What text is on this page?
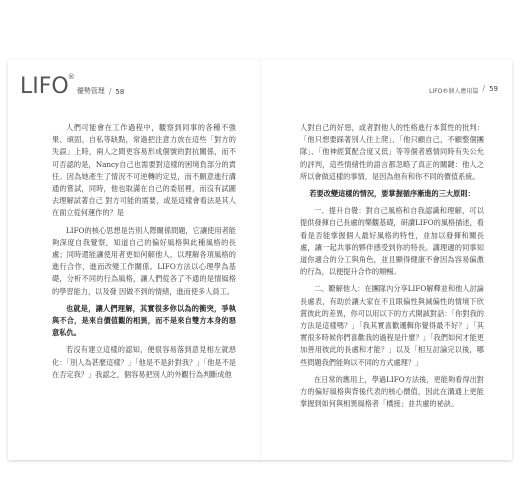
LIFO ®
優勢管理 / 58	LIFO®個人應用篇 / 59

人們可能會在工作過程中，觀察到同事的各種不強果、頑固、自私等缺點，常過把注意力放在這些「對方的失誤」上時，兩人之間更容易形成個號的對抗關係，而不可否認的是，Nancy自己也需要對這樣的困境負部分的責任。因為她產生了情況不可逆轉的定見，而不願意進行溝通的嘗試，同時，他也取滿在自己的委屈裡，而沒有試圖去理解試著自己 對方可能的需要，或是這樣會看法是其人在面立從何運作的？是

LIFO的核心思想是告別人際關係問題，它讓使用者能夠深度自我覺察，知道自己的偏好風格與此種風格的長處；同時還能讓使用者更如何解他人，以理解各項風格的進行合作，進而改變工作關係。LIFO方法以心理學為基礎，分析不同的行為風格，讓人們從各了不通的是情風格的學習能力，以及發 因做不到的情緒，進而使多人員工。

也就是，讓人們理解，其實很多你以為的衝突，爭執與不合，是來自價值觀的相異，而不是來自雙方本身的惡意私仇。

若沒有建立這樣的認知，便很容易落到意見相左就惡化：「別人為甚麼這樣？」「他是不是針對我？」「他是不是在否定我？」我認之，個容易把別人的外觀行為判斷成他

人對自己的好惡，或者對他人的性格進行本質性的批判：「他只想要踩著別人往上爬」、「他只顧自己，不顧整個團隊」、「他神經質配合度又低」等等個者感情同時有失公允的評判，這些情緒性的語言都忽略了真正的關鍵：他人之所以會做這樣的事情，是因為他有和你不同的價值系統。

若要改變這樣的情況，要掌握循序漸進的三大原則：

一、提升自覺：對自己風格和自我認識和理解，可以提供發揮自己長處的樂觀基礎，研讀LIFO的風格描述，看看是否能掌握個人最好風格的特性，並加以發揮和關長處，讓一起共事的夥伴感受到你的特長。講理適的同事知道你適合的分工與角色，並且顯得健康不會因為容易偏激的行為，以便提升合作的順暢。

二、瞭解他人：在團隊內分享LIFO解釋並和他人討論長處表，有助於讓大家在不且眼偏性與減偏性的情境下欣賞彼此的差異，你可以用以下的方式開誠對話：「你對我的方法是這樣嗎？」「我其實喜歡邏輯你覺得最不好？」「其實很多時候你們喜歡我的過程是什麼？」「我們如何才能更加善用彼此的長處和才能？」以及「相互討論完以後，哪些問題我們能夠以不同的方式處理？」

在日常的應用上，學過LIFO方法後，更能夠看得出對方的偏好風格與背後代表的核心價值，因此在溝通上更能掌握到如何與相異風格者「橋接」並共處的祕訣。
